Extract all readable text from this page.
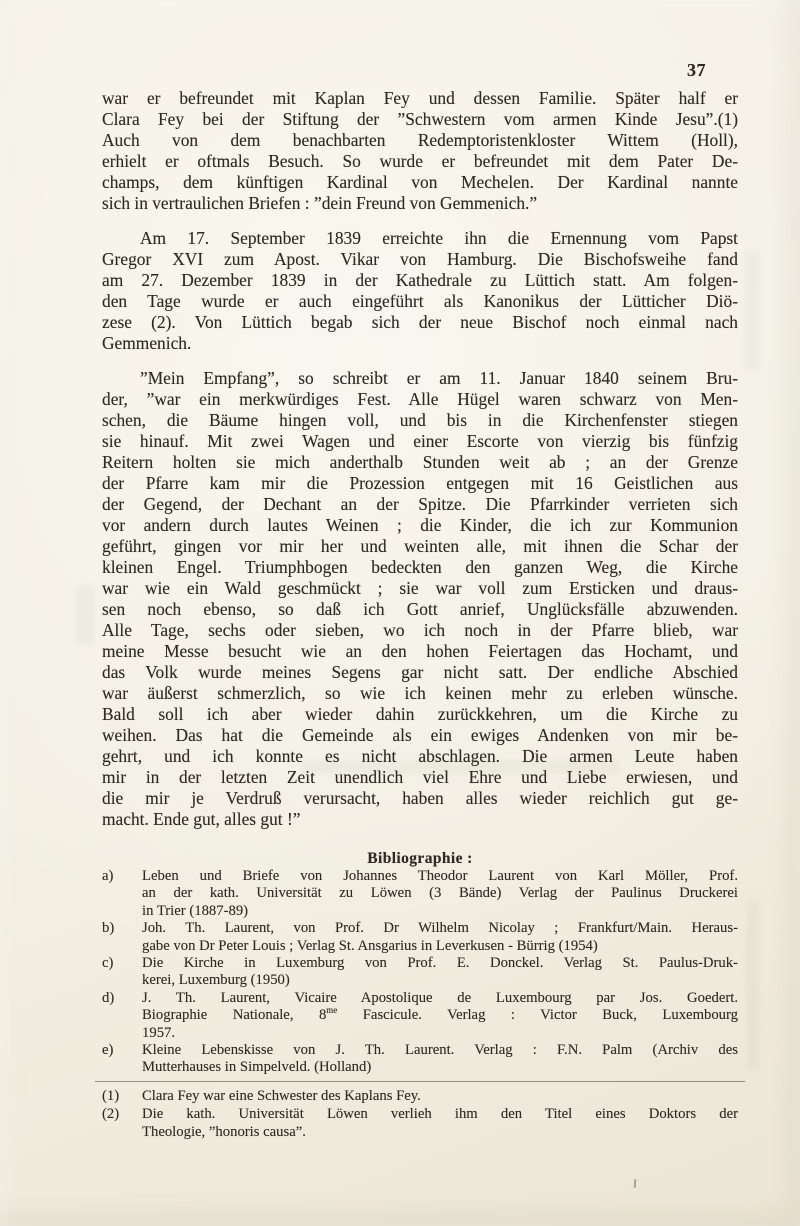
37
war er befreundet mit Kaplan Fey und dessen Familie. Später half er
Clara Fey bei der Stiftung der ”Schwestern vom armen Kinde Jesu”.(1)
Auch von dem benachbarten Redemptoristenkloster Wittem (Holl),
erhielt er oftmals Besuch. So wurde er befreundet mit dem Pater De-
champs, dem künftigen Kardinal von Mechelen. Der Kardinal nannte
sich in vertraulichen Briefen : ”dein Freund von Gemmenich.”
Am 17. September 1839 erreichte ihn die Ernennung vom Papst
Gregor XVI zum Apost. Vikar von Hamburg. Die Bischofsweihe fand
am 27. Dezember 1839 in der Kathedrale zu Lüttich statt. Am folgen-
den Tage wurde er auch eingeführt als Kanonikus der Lütticher Diö-
zese (2). Von Lüttich begab sich der neue Bischof noch einmal nach
Gemmenich.
”Mein Empfang”, so schreibt er am 11. Januar 1840 seinem Bru-
der, ”war ein merkwürdiges Fest. Alle Hügel waren schwarz von Men-
schen, die Bäume hingen voll, und bis in die Kirchenfenster stiegen
sie hinauf. Mit zwei Wagen und einer Escorte von vierzig bis fünfzig
Reitern holten sie mich anderthalb Stunden weit ab ; an der Grenze
der Pfarre kam mir die Prozession entgegen mit 16 Geistlichen aus
der Gegend, der Dechant an der Spitze. Die Pfarrkinder verrieten sich
vor andern durch lautes Weinen ; die Kinder, die ich zur Kommunion
geführt, gingen vor mir her und weinten alle, mit ihnen die Schar der
kleinen Engel. Triumphbogen bedeckten den ganzen Weg, die Kirche
war wie ein Wald geschmückt ; sie war voll zum Ersticken und draus-
sen noch ebenso, so daß ich Gott anrief, Unglücksfälle abzuwenden.
Alle Tage, sechs oder sieben, wo ich noch in der Pfarre blieb, war
meine Messe besucht wie an den hohen Feiertagen das Hochamt, und
das Volk wurde meines Segens gar nicht satt. Der endliche Abschied
war äußerst schmerzlich, so wie ich keinen mehr zu erleben wünsche.
Bald soll ich aber wieder dahin zurückkehren, um die Kirche zu
weihen. Das hat die Gemeinde als ein ewiges Andenken von mir be-
gehrt, und ich konnte es nicht abschlagen. Die armen Leute haben
mir in der letzten Zeit unendlich viel Ehre und Liebe erwiesen, und
die mir je Verdruß verursacht, haben alles wieder reichlich gut ge-
macht. Ende gut, alles gut !”
Bibliographie :
a)	Leben und Briefe von Johannes Theodor Laurent von Karl Möller, Prof.
an der kath. Universität zu Löwen (3 Bände) Verlag der Paulinus Druckerei
in Trier (1887-89)
b)	Joh. Th. Laurent, von Prof. Dr Wilhelm Nicolay ; Frankfurt/Main. Heraus-
gabe von Dr Peter Louis ; Verlag St. Ansgarius in Leverkusen - Bürrig (1954)
c)	Die Kirche in Luxemburg von Prof. E. Donckel. Verlag St. Paulus-Druk-
kerei, Luxemburg (1950)
d)	J. Th. Laurent, Vicaire Apostolique de Luxembourg par Jos. Goedert.
Biographie Nationale, $8^{me}$ Fascicule. Verlag : Victor Buck, Luxembourg
1957.
e)	Kleine Lebenskisse von J. Th. Laurent. Verlag : F.N. Palm (Archiv des
Mutterhauses in Simpelveld. (Holland)
(1)	Clara Fey war eine Schwester des Kaplans Fey.
(2)	Die kath. Universität Löwen verlieh ihm den Titel eines Doktors der
Theologie, ”honoris causa”.
